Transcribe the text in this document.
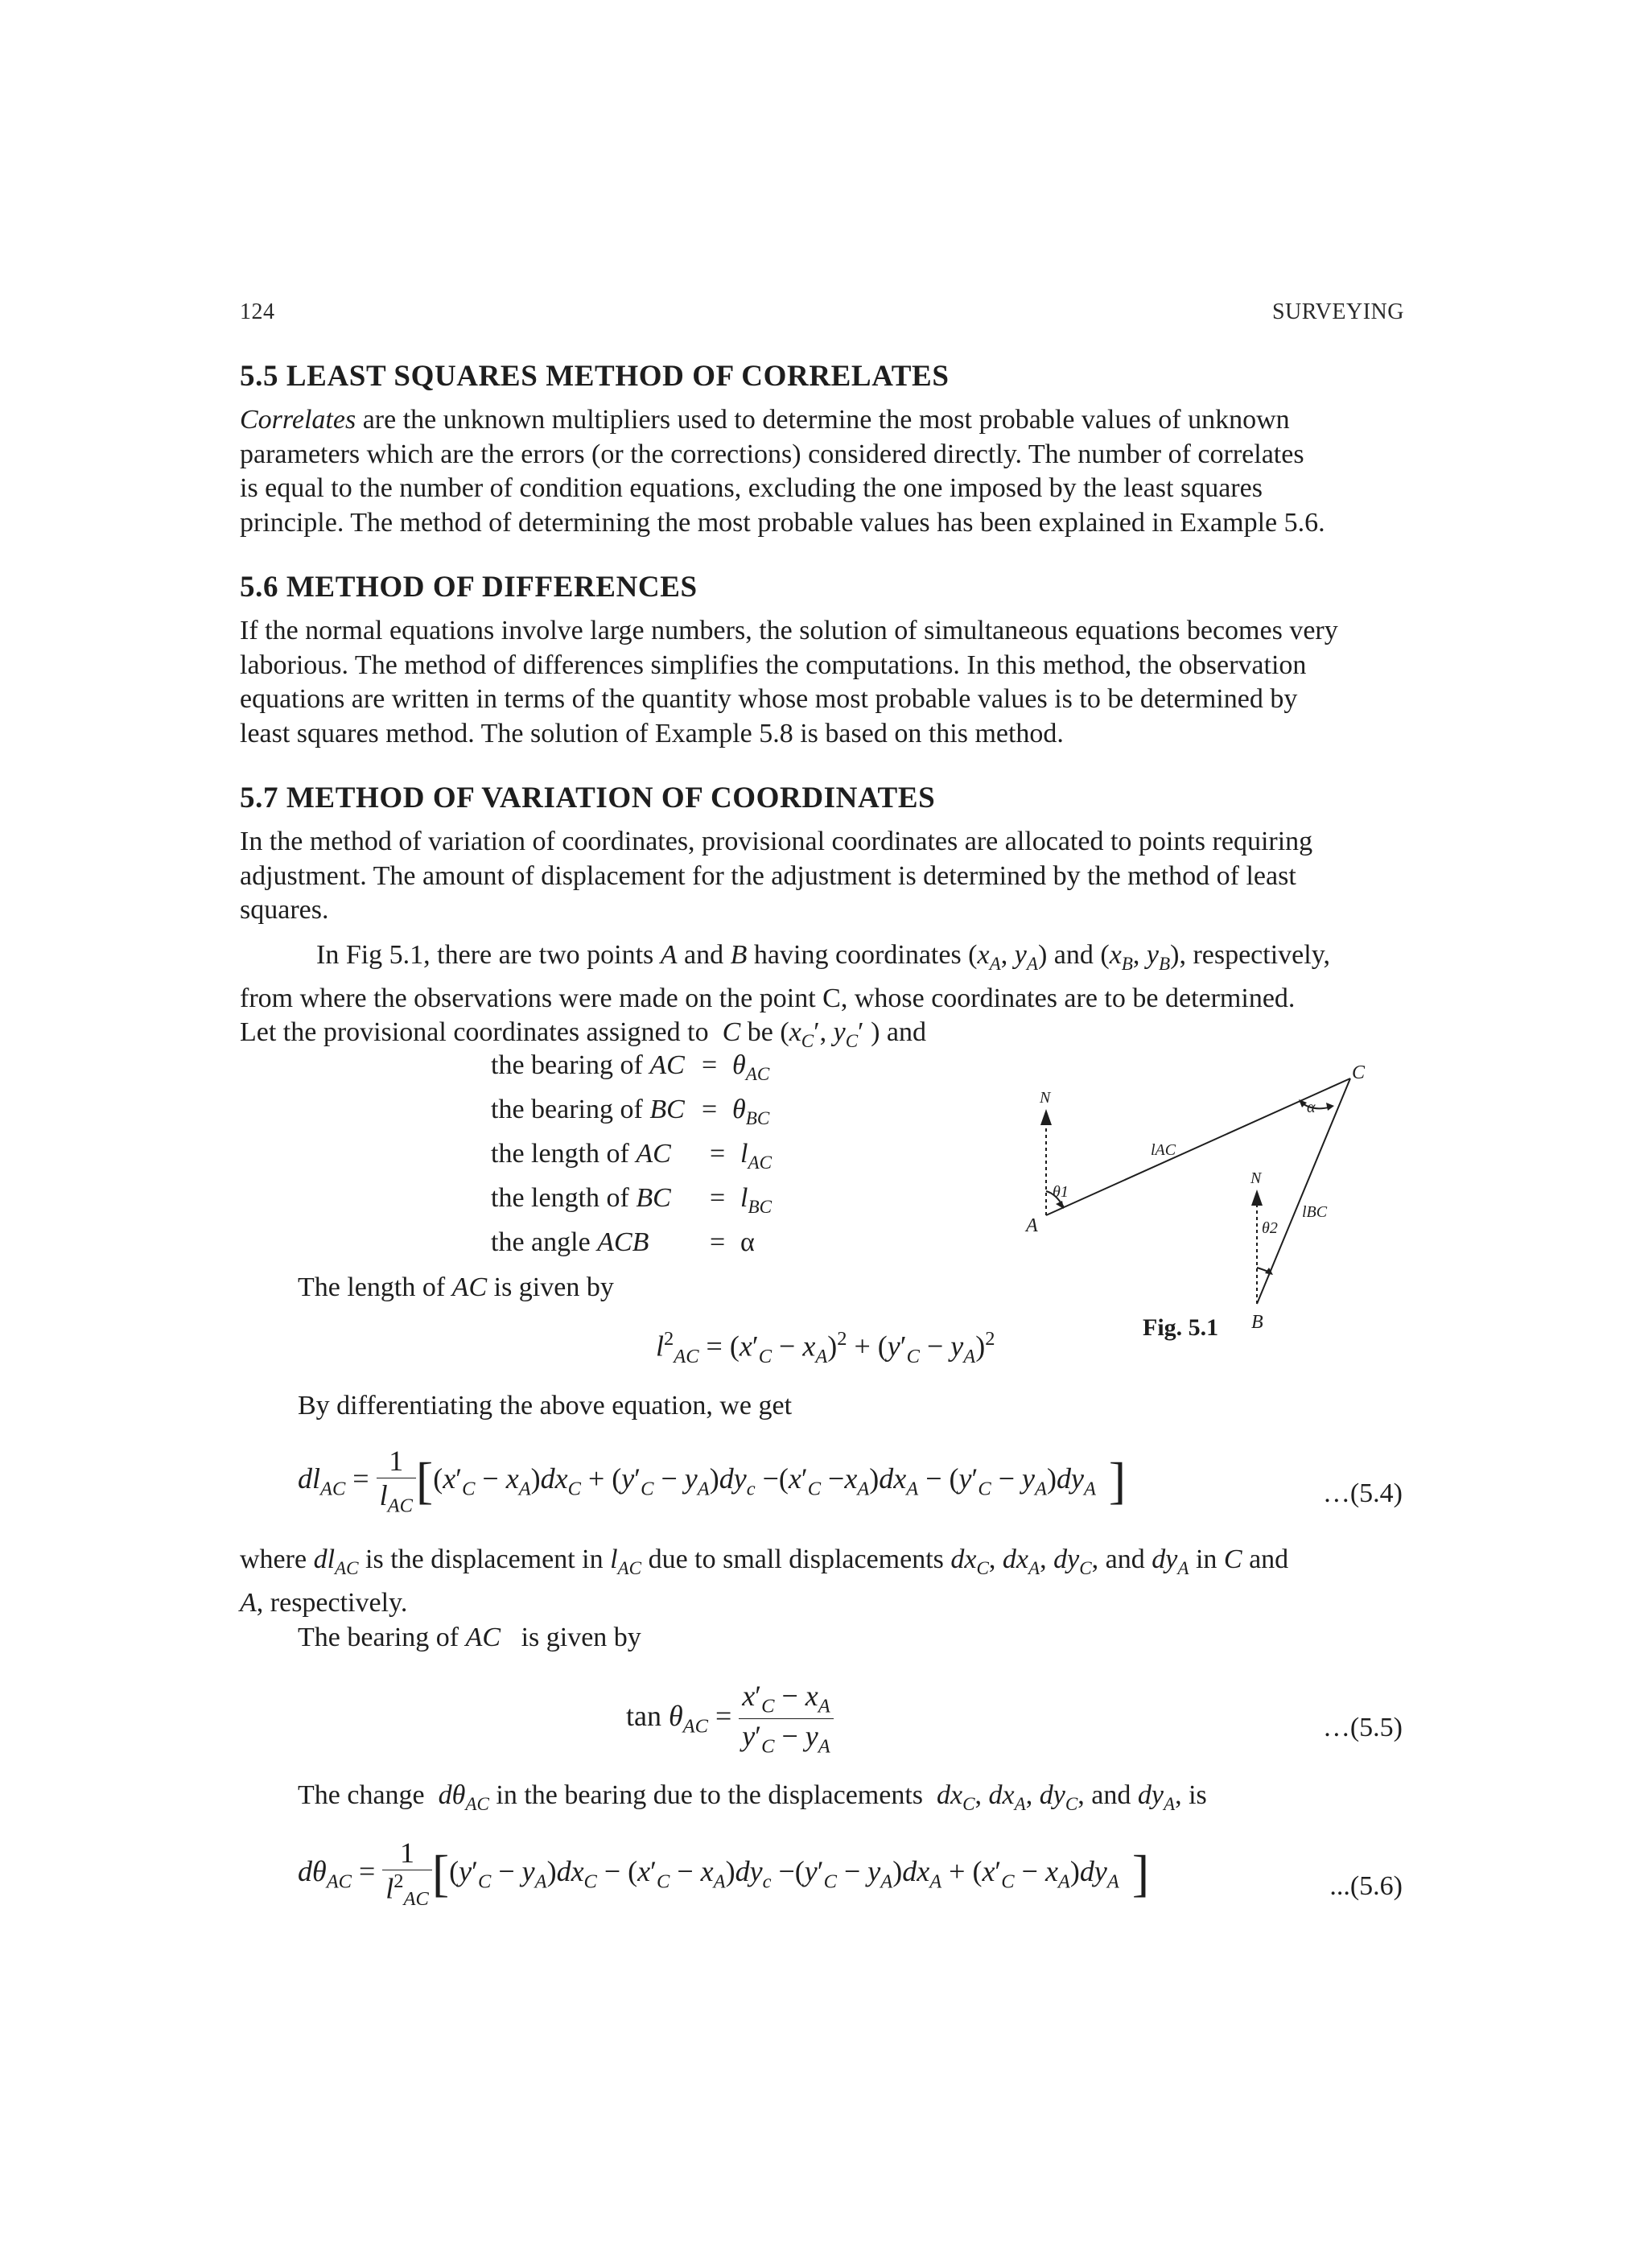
124	SURVEYING
5.5 LEAST SQUARES METHOD OF CORRELATES
Correlates are the unknown multipliers used to determine the most probable values of unknown
parameters which are the errors (or the corrections) considered directly. The number of correlates
is equal to the number of condition equations, excluding the one imposed by the least squares
principle. The method of determining the most probable values has been explained in Example 5.6.
5.6 METHOD OF DIFFERENCES
If the normal equations involve large numbers, the solution of simultaneous equations becomes very
laborious. The method of differences simplifies the computations. In this method, the observation
equations are written in terms of the quantity whose most probable values is to be determined by
least squares method. The solution of Example 5.8 is based on this method.
5.7 METHOD OF VARIATION OF COORDINATES
In the method of variation of coordinates, provisional coordinates are allocated to points requiring
adjustment. The amount of displacement for the adjustment is determined by the method of least
squares.
In Fig 5.1, there are two points A and B having coordinates ($x_A$, $y_A$) and ($x_B$, $y_B$), respectively,
from where the observations were made on the point C, whose coordinates are to be determined.
Let the provisional coordinates assigned to C be ($x_C'$, $y_C'$ ) and
the bearing of AC = $\theta_{AC}$
the bearing of BC = $\theta_{BC}$
the length of AC = $l_{AC}$
the length of BC = $l_{BC}$
the angle ACB = α
The length of AC is given by
C
A
B
N
N
θ1
θ2
α
lAC
lBC
Fig. 5.1
$l^2_{AC} = (x'_C - x_A)^2 + (y'_C - y_A)^2$
By differentiating the above equation, we get
$dl_{AC} = \frac{1}{l_{AC}}$ [ $(x'_C - x_A)dx_C + (y'_C - y_A)dy_c -(x'_C -x_A)dx_A - (y'_C - y_A)dy_A$ ]	…(5.4)
where $dl_{AC}$ is the displacement in $l_{AC}$ due to small displacements $dx_C$, $dx_A$, $dy_C$, and $dy_A$ in C and
A, respectively.
The bearing of AC is given by
$\tan \theta_{AC} = \frac{x'_C - x_A}{y'_C - y_A}$	…(5.5)
The change $d\theta_{AC}$ in the bearing due to the displacements $dx_C$, $dx_A$, $dy_C$, and $dy_A$, is
$d\theta_{AC} = \frac{1}{l^2_{AC}}$ [ $(y'_C - y_A)dx_C - (x'_C - x_A)dy_c -(y'_C - y_A)dx_A + (x'_C - x_A)dy_A$ ]	...(5.6)
